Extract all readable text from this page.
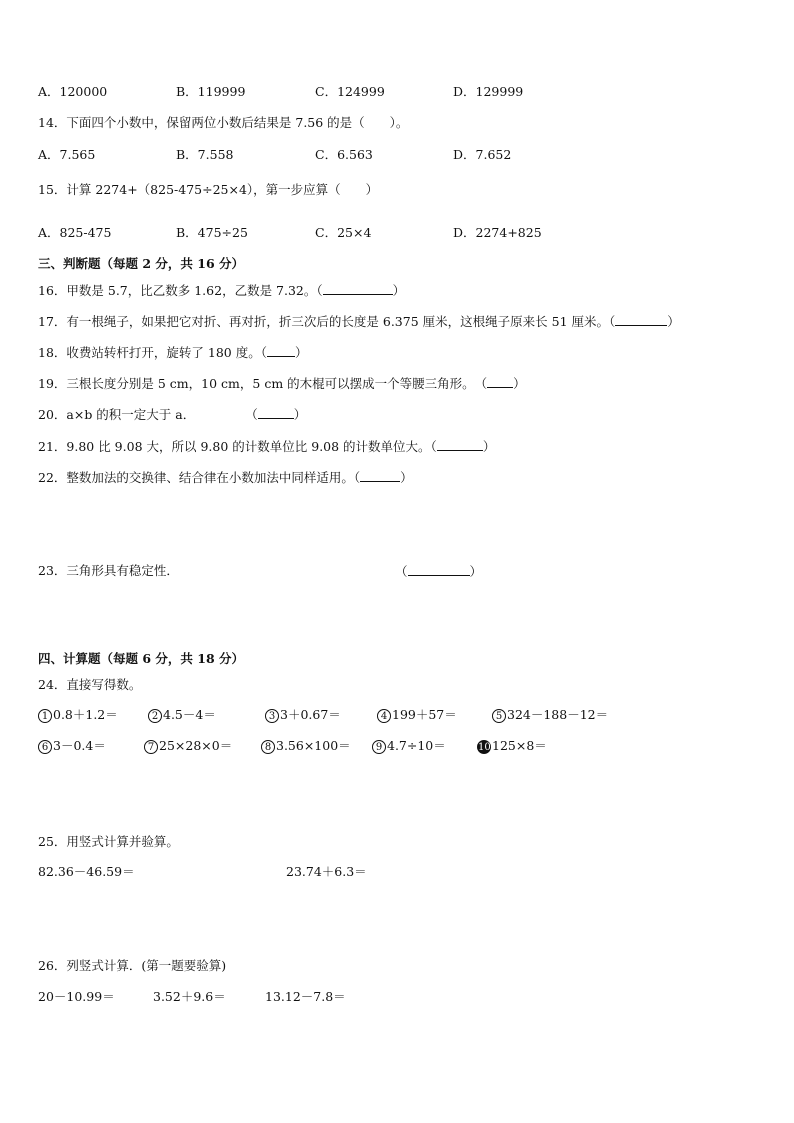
A．120000	B．119999	C．124999	D．129999
14．下面四个小数中，保留两位小数后结果是 7.56 的是（　　）。
A．7.565	B．7.558	C．6.563	D．7.652
15．计算 2274+（825-475÷25×4），第一步应算（　　）
A．825-475	B．475÷25	C．25×4	D．2274+825
三、判断题（每题 2 分，共 16 分）
16．甲数是 5.7，比乙数多 1.62，乙数是 7.32。（	）
17．有一根绳子，如果把它对折、再对折，折三次后的长度是 6.375 厘米，这根绳子原来长 51 厘米。（	）
18．收费站转杆打开，旋转了 180 度。（ ）
19．三根长度分别是 5 cm，10 cm，5 cm 的木棍可以摆成一个等腰三角形。　（ ）
20．a×b 的积一定大于 a．　　　　　（	）
21．9.80 比 9.08 大，所以 9.80 的计数单位比 9.08 的计数单位大。（	）
22．整数加法的交换律、结合律在小数加法中同样适用。（	）
23．三角形具有稳定性．	（	）
四、计算题（每题 6 分，共 18 分）
24．直接写得数。
1 0.8＋1.2＝	2 4.5－4＝	3 3＋0.67＝	4 199＋57＝	5 324－188－12＝
6 3－0.4＝	7 25×28×0＝	8 3.56×100＝	9 4.7÷10＝	10125×8＝
25．用竖式计算并验算。
82.36－46.59＝	23.74＋6.3＝
26．列竖式计算．(第一题要验算)
20－10.99＝	3.52＋9.6＝	13.12－7.8＝
